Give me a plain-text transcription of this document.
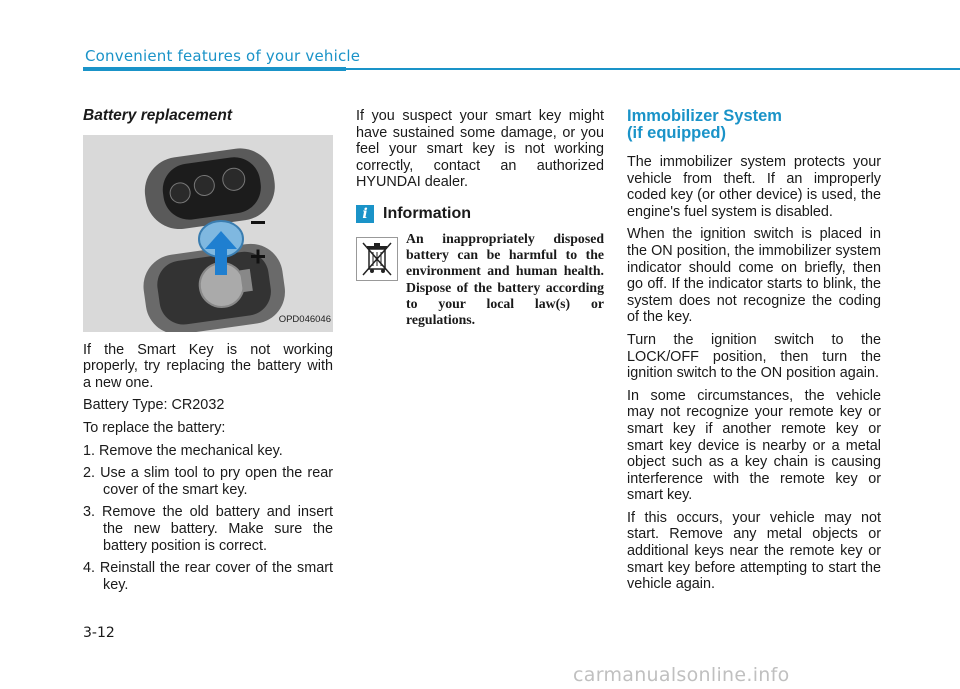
Convenient features of your vehicle
Battery replacement
OPD046046

If the Smart Key is not working properly, try replacing the battery with a new one.

Battery Type: CR2032

To replace the battery:

1. Remove the mechanical key.
2. Use a slim tool to pry open the rear cover of the smart key.
3. Remove the old battery and insert the new battery. Make sure the battery position is correct.
4. Reinstall the rear cover of the smart key.

If you suspect your smart key might have sustained some damage, or you feel your smart key is not working correctly, contact an authorized HYUNDAI dealer.

i Information
An inappropriately disposed battery can be harmful to the environment and human health. Dispose of the battery according to your local law(s) or regulations.
Immobilizer System
(if equipped)

The immobilizer system protects your vehicle from theft. If an improperly coded key (or other device) is used, the engine's fuel system is disabled.

When the ignition switch is placed in the ON position, the immobilizer system indicator should come on briefly, then go off. If the indicator starts to blink, the system does not recognize the coding of the key.

Turn the ignition switch to the LOCK/OFF position, then turn the ignition switch to the ON position again.

In some circumstances, the vehicle may not recognize your remote key or smart key if another remote key or smart key device is nearby or a metal object such as a key chain is causing interference with the remote key or smart key.

If this occurs, your vehicle may not start. Remove any metal objects or additional keys near the remote key or smart key before attempting to start the vehicle again.

3-12
carmanualsonline.info
